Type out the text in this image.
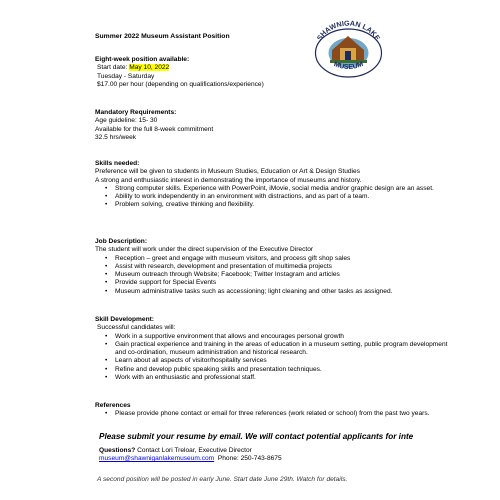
Summer 2022 Museum Assistant Position	SHAWNIGAN LAKE
MUSEUM
Eight-week position available:
Start date: May 10, 2022
Tuesday - Saturday
$17.00 per hour (depending on qualifications/experience)
Mandatory Requirements:
Age guideline: 15- 30
Available for the full 8-week commitment
32.5 hrs/week
Skills needed:
Preference will be given to students in Museum Studies, Education or Art & Design Studies
A strong and enthusiastic interest in demonstrating the importance of museums and history.
• Strong computer skills. Experience with PowerPoint, iMovie, social media and/or graphic design are an asset.
• Ability to work independently in an environment with distractions, and as part of a team.
• Problem solving, creative thinking and flexibility.
Job Description:
The student will work under the direct supervision of the Executive Director
• Reception – greet and engage with museum visitors, and process gift shop sales
• Assist with research, development and presentation of multimedia projects
• Museum outreach through Website; Facebook; Twitter Instagram and articles
• Provide support for Special Events
• Museum administrative tasks such as accessioning; light cleaning and other tasks as assigned.
Skill Development:
Successful candidates will:
• Work in a supportive environment that allows and encourages personal growth
• Gain practical experience and training in the areas of education in a museum setting, public program development and co-ordination, museum administration and historical research.
• Learn about all aspects of visitor/hospitality services
• Refine and develop public speaking skills and presentation techniques.
• Work with an enthusiastic and professional staff.
References
• Please provide phone contact or email for three references (work related or school) from the past two years.
Please submit your resume by email. We will contact potential applicants for inte
Questions? Contact Lori Treloar, Executive Director
museum@shawniganlakemuseum.com Phone: 250-743-8675
A second position will be posted in early June. Start date June 29th. Watch for details.
